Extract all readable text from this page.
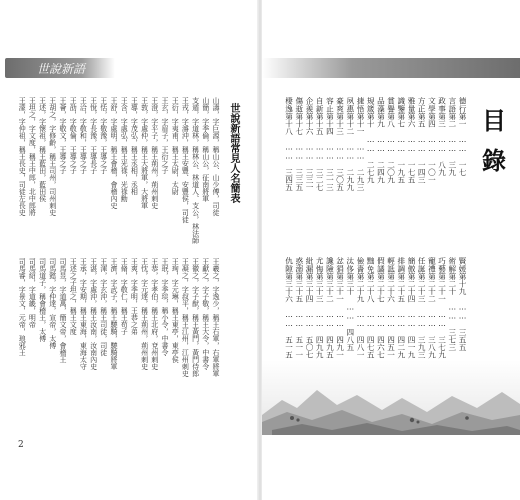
世說新語
世說新語常見人名簡表
山濤，字巨源，稱山公、山少傅，司徒
山簡，字季倫，稱山公，征南將軍
支遁，字道林，稱林公、林道人、支公，林法師
王戎，字濬沖，稱王安豐、安豐侯，司徒
王衍，字夷甫，稱王太尉，太尉
王玄，字眉子，王衍之子
王澄，字平子，稱王荊州，荊州刺史
王敦，字處仲，稱王大將軍，大將軍
王導，字茂弘，稱王丞相，丞相
王含，字處弘，稱王光祿，光祿勳
王舒，字處明，稱王會稽，會稽內史
王恬，字敬豫，王導之子
王悅，字長豫，王導長子
王洽，字敬和，王導之子
王劭，字敬倫，王導之子
王薈，字敬文，王導之子
王胡之，字修齡，稱王司州，司州刺史
王述，字懷祖，稱王藍田，藍田侯
王坦之，字文度，稱王中郎，北中郎將
王濛，字仲祖，稱王長史，司徒左長史
王羲之，字逸少，稱王右軍，右軍將軍
王獻之，字子敬，稱王大令，中書令
王徽之，字子猷，稱王黃門，黃門侍郎
王凝之，字叔平，稱王江州，江州刺史
王珣，字元琳，稱王東亭，東亭侯
王珉，字季琰，稱小令，中書令
王恭，字孝伯，稱王北府，兗州刺史
王忱，字元達，稱王荊州，荊州刺史
王爽，字季明，王恭之弟
王脩，字敬仁，稱王苟子
王濟，字武子，稱王驍騎，驍騎將軍
王渾，字玄沖，稱王司徒，司徒
王湛，字處沖，稱王汝南，汝南內史
王承，字安期，稱王東海，東海太守
王述之子坦之，稱王文度
司馬昱，字道萬，簡文帝，會稽王
司馬懿，字仲達，宣帝，太傅
司馬道子，稱會稽王，太傅
司馬紹，字道畿，明帝
司馬睿，字景文，元帝，琅邪王
2
目
錄
德行第一　……　一七
言語第二　……　三九
政事第三　……　八九
文學第四　……　一〇一
方正第五　……　一四三
雅量第六　……　一七五
識鑒第七　……　一九五
賞譽第八　……　二〇九
品藻第九　……　二四九
規箴第十　……　二七九
捷悟第十一　……　二九三
夙惠第十二　……　二九九
豪爽第十三　……　三〇五
容止第十四　……　三一三
自新第十五　……　三二七
企羨第十六　……　三三一
傷逝第十七　……　三三五
棲逸第十八　……　三四五
賢媛第十九　……　三五五
術解第二十　……　三七三
巧藝第二十一　……　三七九
寵禮第二十二　……　三八九
任誕第二十三　……　三九三
簡傲第二十四　……　四一九
排調第二十五　……　四二九
輕詆第二十六　……　四五一
假譎第二十七　……　四六七
黜免第二十八　……　四七五
儉嗇第二十九　……　四八一
汰侈第三十　……　四八五
忿狷第三十一　……　四九一
讒險第三十二　……　四九五
尤悔第三十三　……　四九九
紕漏第三十四　……　五〇七
惑溺第三十五　……　五一一
仇隙第三十六　……　五一五
